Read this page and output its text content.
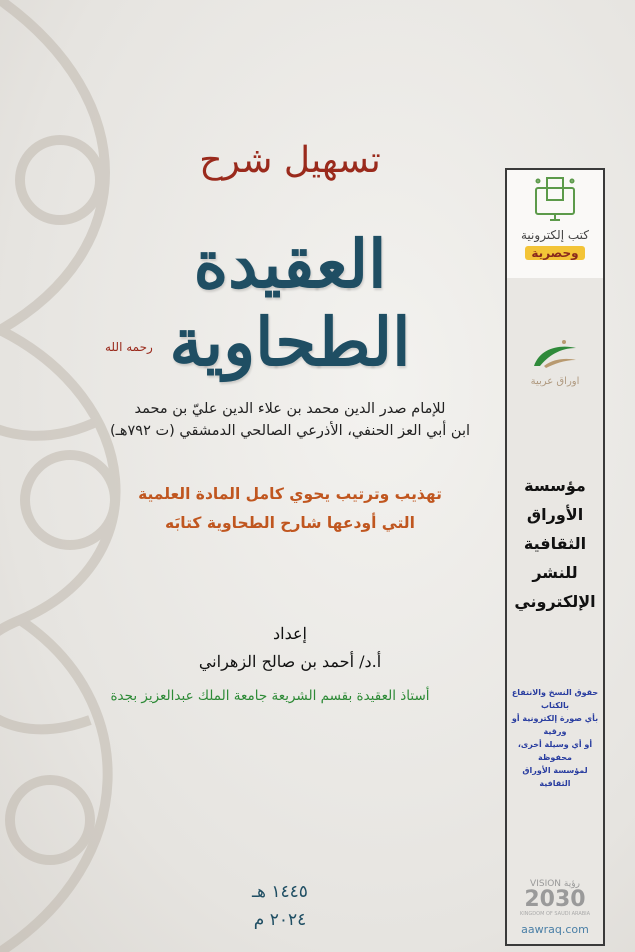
تسهيل شرح
العقيدة الطحاوية
رحمه الله
للإمام صدر الدين محمد بن علاء الدين عليّ بن محمد
ابن أبي العز الحنفي، الأذرعي الصالحي الدمشقي (ت ٧٩٢هـ)
تهذيب وترتيب يحوي كامل المادة العلمية
التي أودعها شارح الطحاوية كتابَه
إعداد
أ.د/ أحمد بن صالح الزهراني
أستاذ العقيدة بقسم الشريعة جامعة الملك عبدالعزيز بجدة
١٤٤٥ هـ
٢٠٢٤ م
كتب إلكترونية
وحصرية
اوراق عربية
مؤسسة
الأوراق
الثقافية
للنشر
الإلكتروني
حقوق النسخ والانتفاع بالكتاب
بأي صورة إلكترونية أو ورقية
أو أي وسيلة أخرى، محفوظة
لمؤسسة الأوراق الثقافية
VISION رؤية
2030
KINGDOM OF SAUDI ARABIA
aawraq.com
